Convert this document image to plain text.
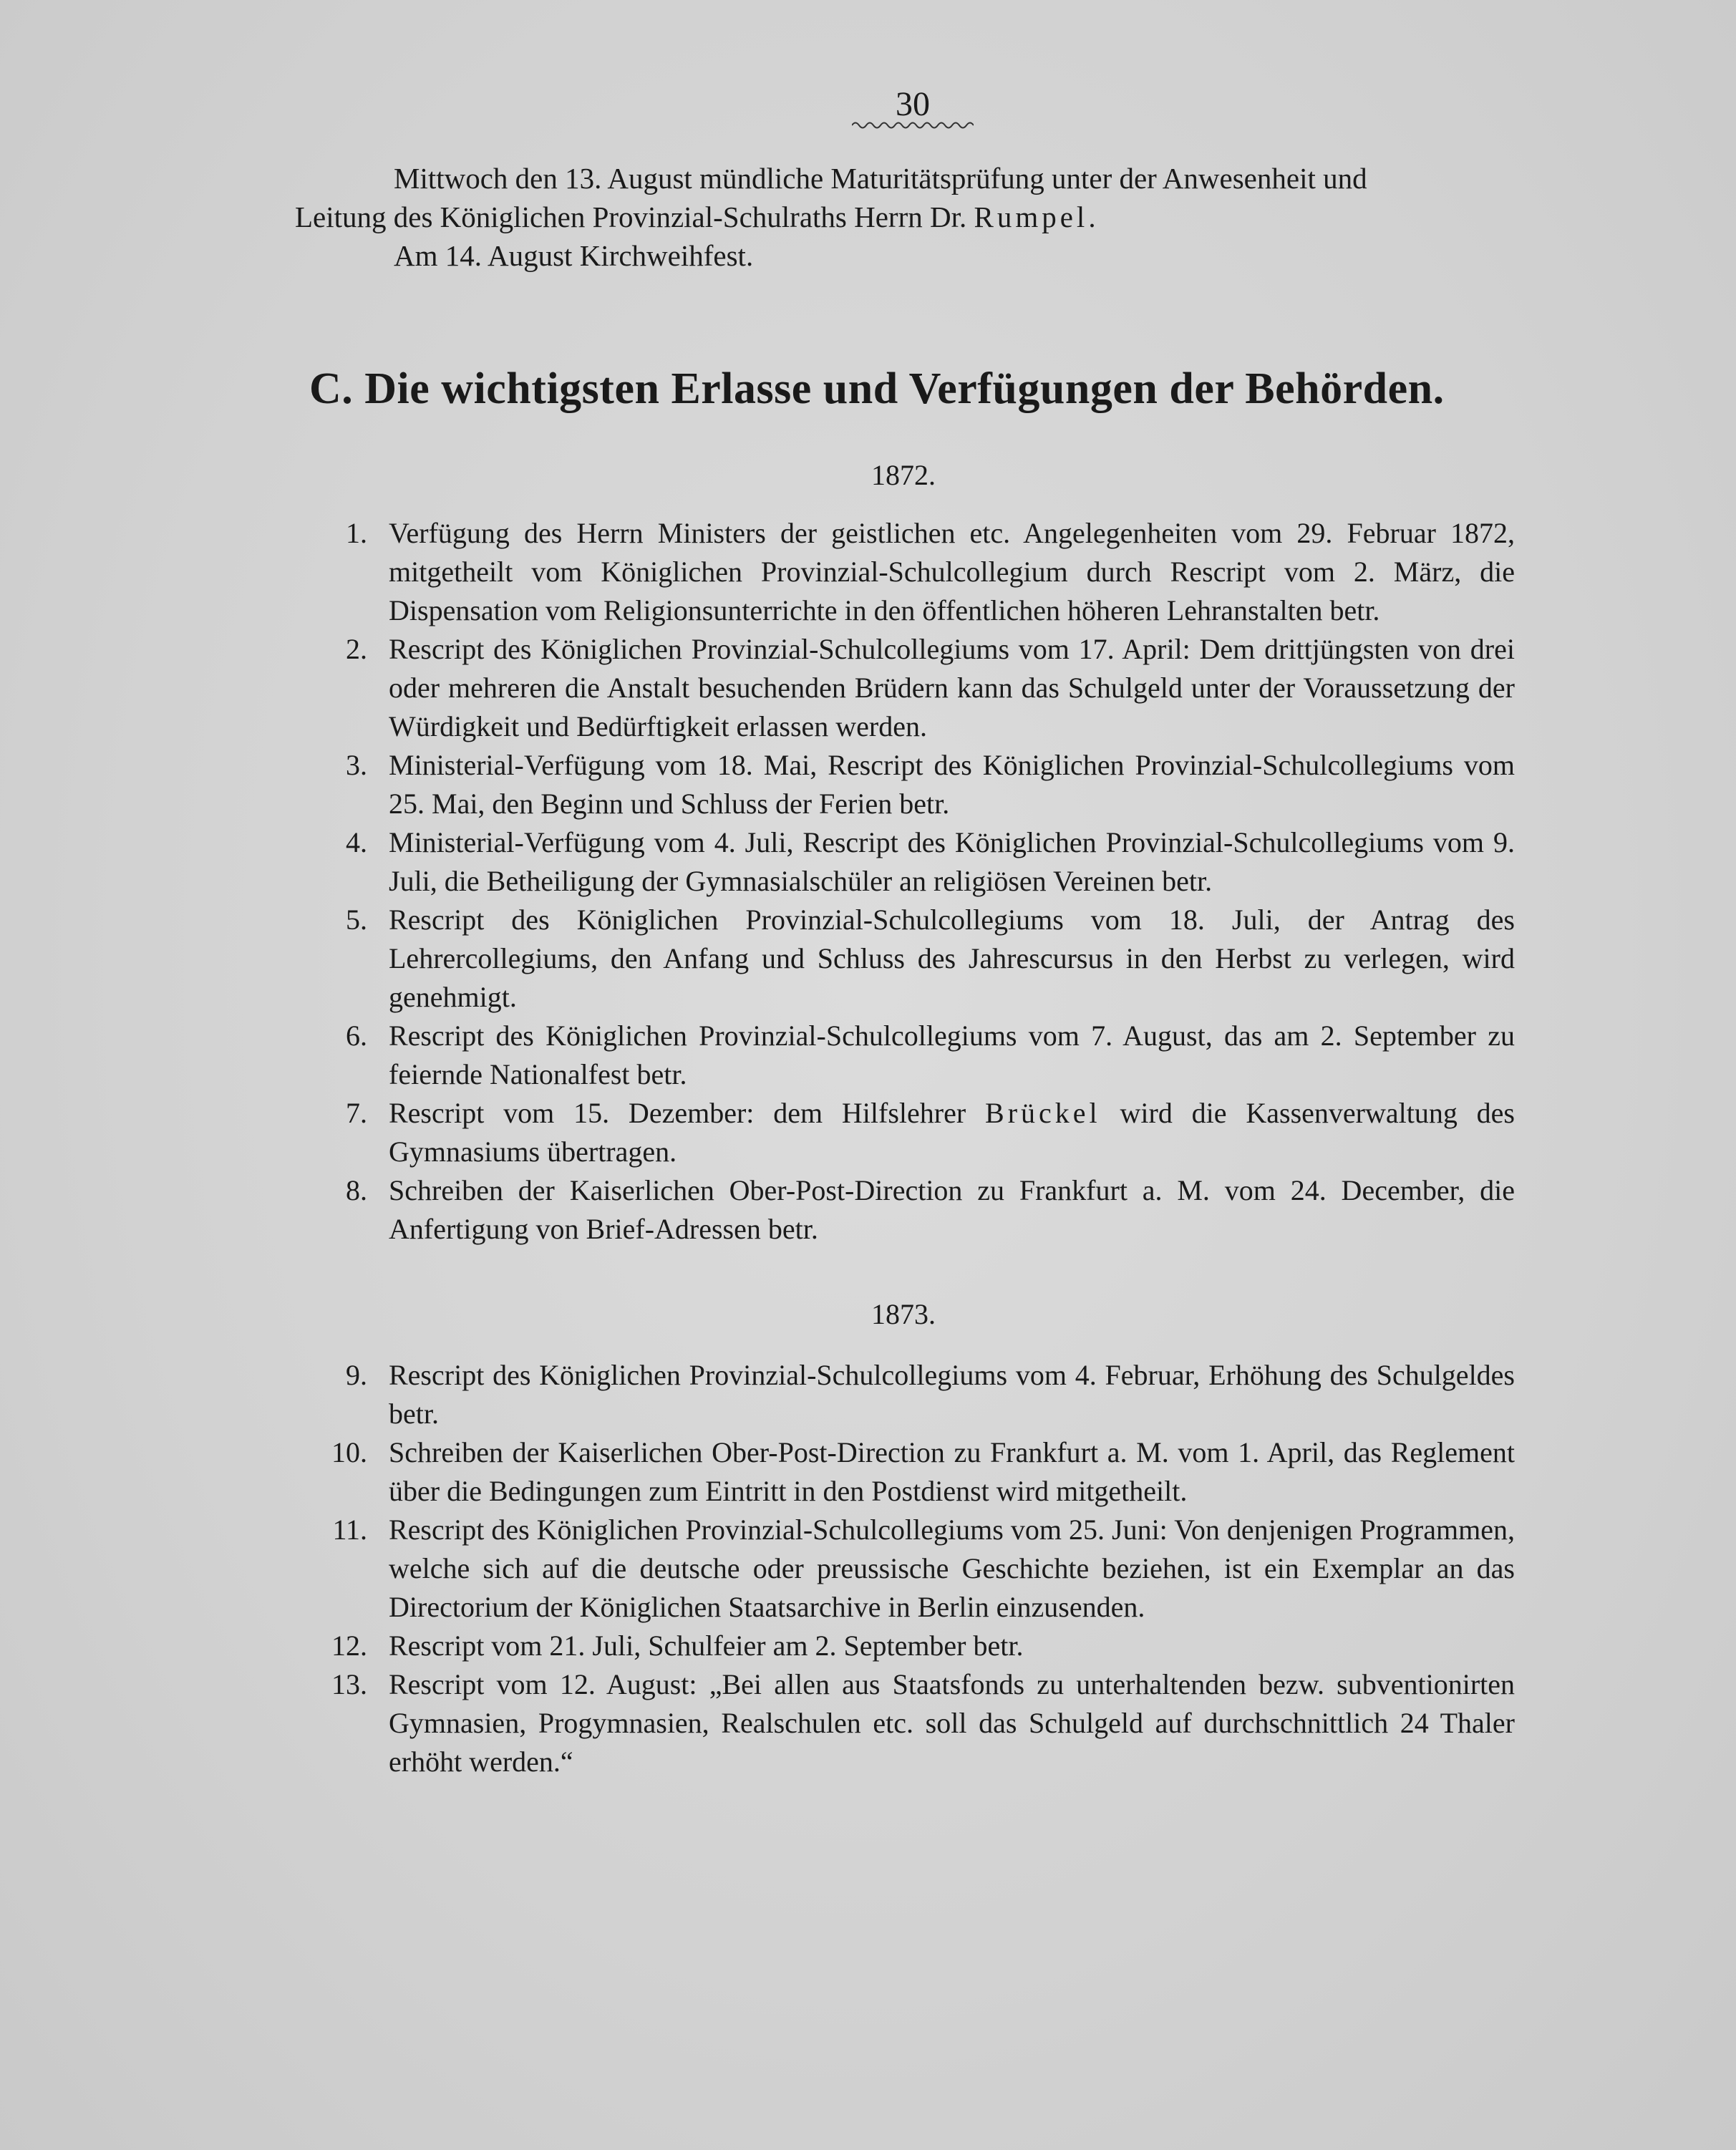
30

Mittwoch den 13. August mündliche Maturitätsprüfung unter der Anwesenheit und

Leitung des Königlichen Provinzial-Schulraths Herrn Dr. Rumpel.

Am 14. August Kirchweihfest.

C. Die wichtigsten Erlasse und Verfügungen der Behörden.
1872.
1. Verfügung des Herrn Ministers der geistlichen etc. Angelegenheiten vom 29. Februar 1872, mitgetheilt vom Königlichen Provinzial-Schulcollegium durch Rescript vom 2. März, die Dispensation vom Religionsunterrichte in den öffentlichen höheren Lehranstalten betr.
2. Rescript des Königlichen Provinzial-Schulcollegiums vom 17. April: Dem drittjüngsten von drei oder mehreren die Anstalt besuchenden Brüdern kann das Schulgeld unter der Voraussetzung der Würdigkeit und Bedürftigkeit erlassen werden.
3. Ministerial-Verfügung vom 18. Mai, Rescript des Königlichen Provinzial-Schulcollegiums vom 25. Mai, den Beginn und Schluss der Ferien betr.
4. Ministerial-Verfügung vom 4. Juli, Rescript des Königlichen Provinzial-Schulcollegiums vom 9. Juli, die Betheiligung der Gymnasialschüler an religiösen Vereinen betr.
5. Rescript des Königlichen Provinzial-Schulcollegiums vom 18. Juli, der Antrag des Lehrercollegiums, den Anfang und Schluss des Jahrescursus in den Herbst zu verlegen, wird genehmigt.
6. Rescript des Königlichen Provinzial-Schulcollegiums vom 7. August, das am 2. September zu feiernde Nationalfest betr.
7. Rescript vom 15. Dezember: dem Hilfslehrer Brückel wird die Kassenverwaltung des Gymnasiums übertragen.
8. Schreiben der Kaiserlichen Ober-Post-Direction zu Frankfurt a. M. vom 24. December, die Anfertigung von Brief-Adressen betr.
1873.
9. Rescript des Königlichen Provinzial-Schulcollegiums vom 4. Februar, Erhöhung des Schulgeldes betr.
10. Schreiben der Kaiserlichen Ober-Post-Direction zu Frankfurt a. M. vom 1. April, das Reglement über die Bedingungen zum Eintritt in den Postdienst wird mitgetheilt.
11. Rescript des Königlichen Provinzial-Schulcollegiums vom 25. Juni: Von denjenigen Programmen, welche sich auf die deutsche oder preussische Geschichte beziehen, ist ein Exemplar an das Directorium der Königlichen Staatsarchive in Berlin einzusenden.
12. Rescript vom 21. Juli, Schulfeier am 2. September betr.
13. Rescript vom 12. August: „Bei allen aus Staatsfonds zu unterhaltenden bezw. subventionirten Gymnasien, Progymnasien, Realschulen etc. soll das Schulgeld auf durchschnittlich 24 Thaler erhöht werden.“
